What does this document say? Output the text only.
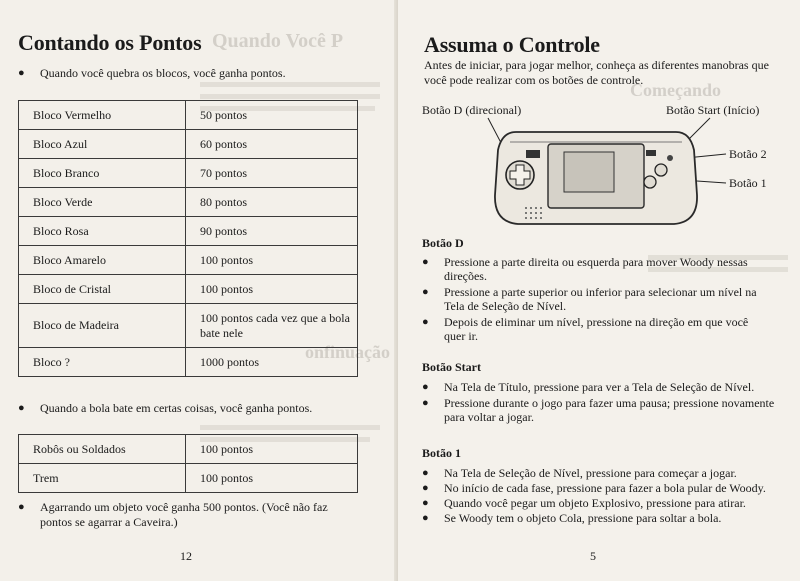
Quando Você P
onfinuação
Contando os Pontos
●	Quando você quebra os blocos, você ganha pontos.
Bloco Vermelho	50 pontos
Bloco Azul	60 pontos
Bloco Branco	70 pontos
Bloco Verde	80 pontos
Bloco Rosa	90 pontos
Bloco Amarelo	100 pontos
Bloco de Cristal	100 pontos
Bloco de Madeira	100 pontos cada vez que a bola bate nele
Bloco ?	1000 pontos
●	Quando a bola bate em certas coisas, você ganha pontos.
Robôs ou Soldados	100 pontos
Trem	100 pontos
●	Agarrando um objeto você ganha 500 pontos. (Você não faz pontos se agarrar a Caveira.)
12
Começando
Assuma o Controle
Antes de iniciar, para jogar melhor, conheça as diferentes manobras que você pode realizar com os botões de controle.
Botão D (direcional)	Botão Start (Início)
Botão 2
Botão 1
Botão D
●	Pressione a parte direita ou esquerda para mover Woody nessas direções.
●	Pressione a parte superior ou inferior para selecionar um nível na Tela de Seleção de Nível.
●	Depois de eliminar um nível, pressione na direção em que você quer ir.
Botão Start
●	Na Tela de Título, pressione para ver a Tela de Seleção de Nível.
●	Pressione durante o jogo para fazer uma pausa; pressione novamente para voltar a jogar.
Botão 1
●	Na Tela de Seleção de Nível, pressione para começar a jogar.
●	No início de cada fase, pressione para fazer a bola pular de Woody.
●	Quando você pegar um objeto Explosivo, pressione para atirar.
●	Se Woody tem o objeto Cola, pressione para soltar a bola.
5
